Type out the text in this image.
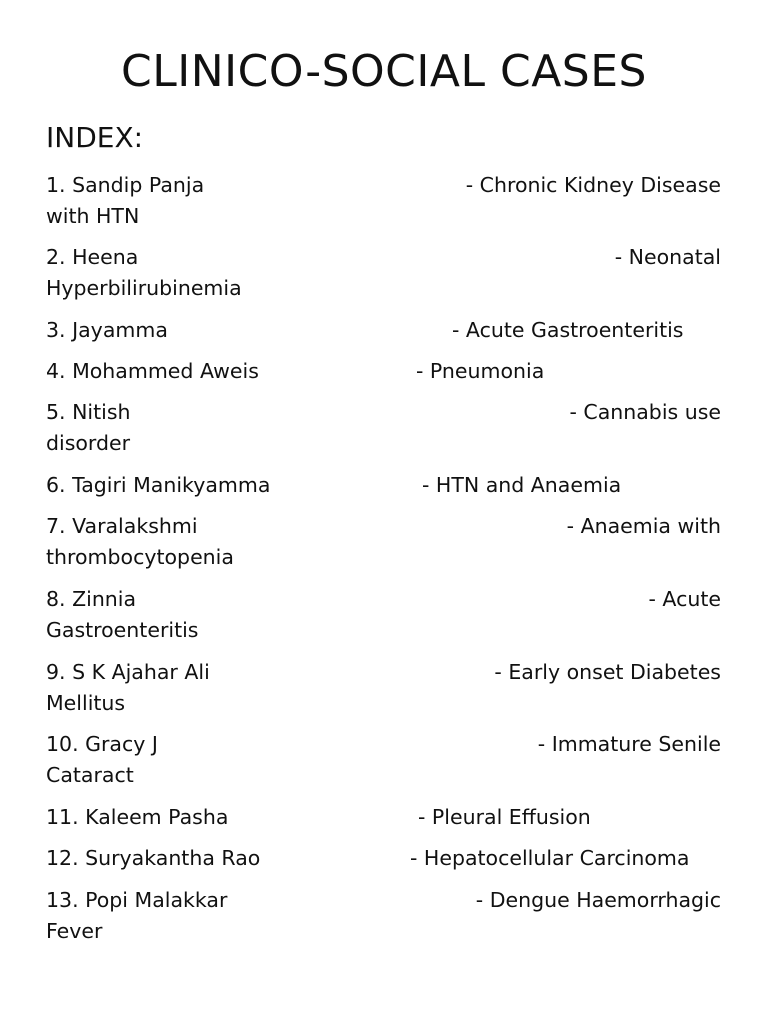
CLINICO-SOCIAL CASES
INDEX:
1. Sandip Panja	- Chronic Kidney Disease
with HTN
2. Heena	- Neonatal
Hyperbilirubinemia
3. Jayamma	- Acute Gastroenteritis
4. Mohammed Aweis	- Pneumonia
5. Nitish	- Cannabis use
disorder
6. Tagiri Manikyamma	- HTN and Anaemia
7. Varalakshmi	- Anaemia with
thrombocytopenia
8. Zinnia	- Acute
Gastroenteritis
9. S K Ajahar Ali	- Early onset Diabetes
Mellitus
10. Gracy J	- Immature Senile
Cataract
11. Kaleem Pasha	- Pleural Effusion
12. Suryakantha Rao	- Hepatocellular Carcinoma
13. Popi Malakkar	- Dengue Haemorrhagic
Fever
